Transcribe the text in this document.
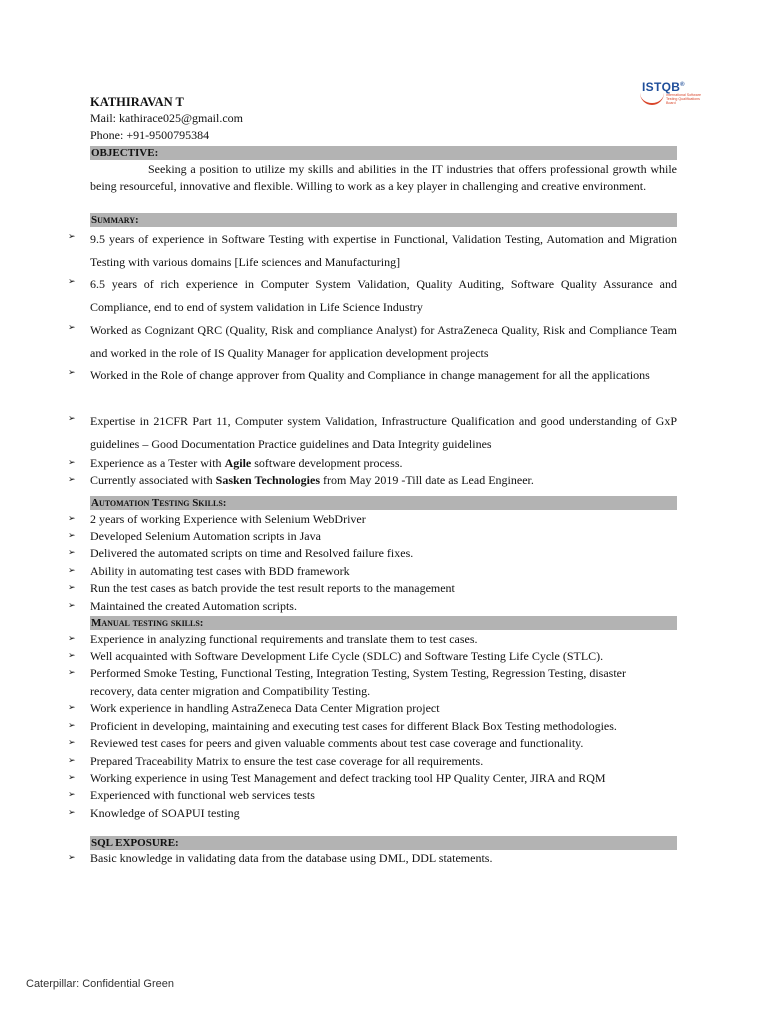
ISTQB®
International Software Testing Qualifications Board
KATHIRAVAN T
Mail: kathirace025@gmail.com
Phone: +91-9500795384
OBJECTIVE:
Seeking a position to utilize my skills and abilities in the IT industries that offers professional growth while being resourceful, innovative and flexible. Willing to work as a key player in challenging and creative environment.
Summary:
➢	9.5 years of experience in Software Testing with expertise in Functional, Validation Testing, Automation and Migration Testing with various domains [Life sciences and Manufacturing]
➢	6.5 years of rich experience in Computer System Validation, Quality Auditing, Software Quality Assurance and Compliance, end to end of system validation in Life Science Industry
➢	Worked as Cognizant QRC (Quality, Risk and compliance Analyst) for AstraZeneca Quality, Risk and Compliance Team and worked in the role of IS Quality Manager for application development projects
➢	Worked in the Role of change approver from Quality and Compliance in change management for all the applications
➢	Expertise in 21CFR Part 11, Computer system Validation, Infrastructure Qualification and good understanding of GxP guidelines – Good Documentation Practice guidelines and Data Integrity guidelines
➢	Experience as a Tester with Agile software development process.
➢	Currently associated with Sasken Technologies from May 2019 -Till date as Lead Engineer.
Automation Testing Skills:
➢	2 years of working Experience with Selenium WebDriver
➢	Developed Selenium Automation scripts in Java
➢	Delivered the automated scripts on time and Resolved failure fixes.
➢	Ability in automating test cases with BDD framework
➢	Run the test cases as batch provide the test result reports to the management
➢	Maintained the created Automation scripts.
Manual testing skills:
➢	Experience in analyzing functional requirements and translate them to test cases.
➢	Well acquainted with Software Development Life Cycle (SDLC) and Software Testing Life Cycle (STLC).
➢	Performed Smoke Testing, Functional Testing, Integration Testing, System Testing, Regression Testing, disaster recovery, data center migration and Compatibility Testing.
➢	Work experience in handling AstraZeneca Data Center Migration project
➢	Proficient in developing, maintaining and executing test cases for different Black Box Testing methodologies.
➢	Reviewed test cases for peers and given valuable comments about test case coverage and functionality.
➢	Prepared Traceability Matrix to ensure the test case coverage for all requirements.
➢	Working experience in using Test Management and defect tracking tool HP Quality Center, JIRA and RQM
➢	Experienced with functional web services tests
➢	Knowledge of SOAPUI testing
SQL EXPOSURE:
➢	Basic knowledge in validating data from the database using DML, DDL statements.
Caterpillar: Confidential Green
